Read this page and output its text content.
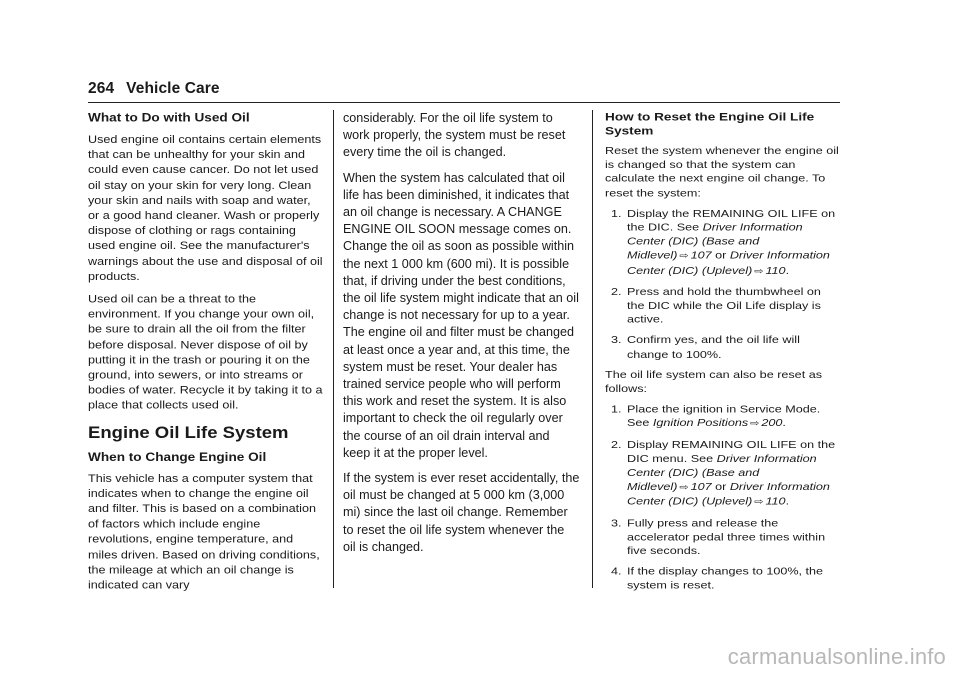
264 Vehicle Care
What to Do with Used Oil

Used engine oil contains certain elements that can be unhealthy for your skin and could even cause cancer. Do not let used oil stay on your skin for very long. Clean your skin and nails with soap and water, or a good hand cleaner. Wash or properly dispose of clothing or rags containing used engine oil. See the manufacturer's warnings about the use and disposal of oil products.

Used oil can be a threat to the environment. If you change your own oil, be sure to drain all the oil from the filter before disposal. Never dispose of oil by putting it in the trash or pouring it on the ground, into sewers, or into streams or bodies of water. Recycle it by taking it to a place that collects used oil.

Engine Oil Life System
When to Change Engine Oil

This vehicle has a computer system that indicates when to change the engine oil and filter. This is based on a combination of factors which include engine revolutions, engine temperature, and miles driven. Based on driving conditions, the mileage at which an oil change is indicated can vary

considerably. For the oil life system to work properly, the system must be reset every time the oil is changed.

When the system has calculated that oil life has been diminished, it indicates that an oil change is necessary. A CHANGE ENGINE OIL SOON message comes on. Change the oil as soon as possible within the next 1 000 km (600 mi). It is possible that, if driving under the best conditions, the oil life system might indicate that an oil change is not necessary for up to a year. The engine oil and filter must be changed at least once a year and, at this time, the system must be reset. Your dealer has trained service people who will perform this work and reset the system. It is also important to check the oil regularly over the course of an oil drain interval and keep it at the proper level.

If the system is ever reset accidentally, the oil must be changed at 5 000 km (3,000 mi) since the last oil change. Remember to reset the oil life system whenever the oil is changed.

How to Reset the Engine Oil Life System

Reset the system whenever the engine oil is changed so that the system can calculate the next engine oil change. To reset the system:

1. Display the REMAINING OIL LIFE on the DIC. See Driver Information Center (DIC) (Base and Midlevel) ⇨ 107 or Driver Information Center (DIC) (Uplevel) ⇨ 110.
2. Press and hold the thumbwheel on the DIC while the Oil Life display is active.
3. Confirm yes, and the oil life will change to 100%.

The oil life system can also be reset as follows:

1. Place the ignition in Service Mode. See Ignition Positions ⇨ 200.
2. Display REMAINING OIL LIFE on the DIC menu. See Driver Information Center (DIC) (Base and Midlevel) ⇨ 107 or Driver Information Center (DIC) (Uplevel) ⇨ 110.
3. Fully press and release the accelerator pedal three times within five seconds.
4. If the display changes to 100%, the system is reset.
carmanualsonline.info
